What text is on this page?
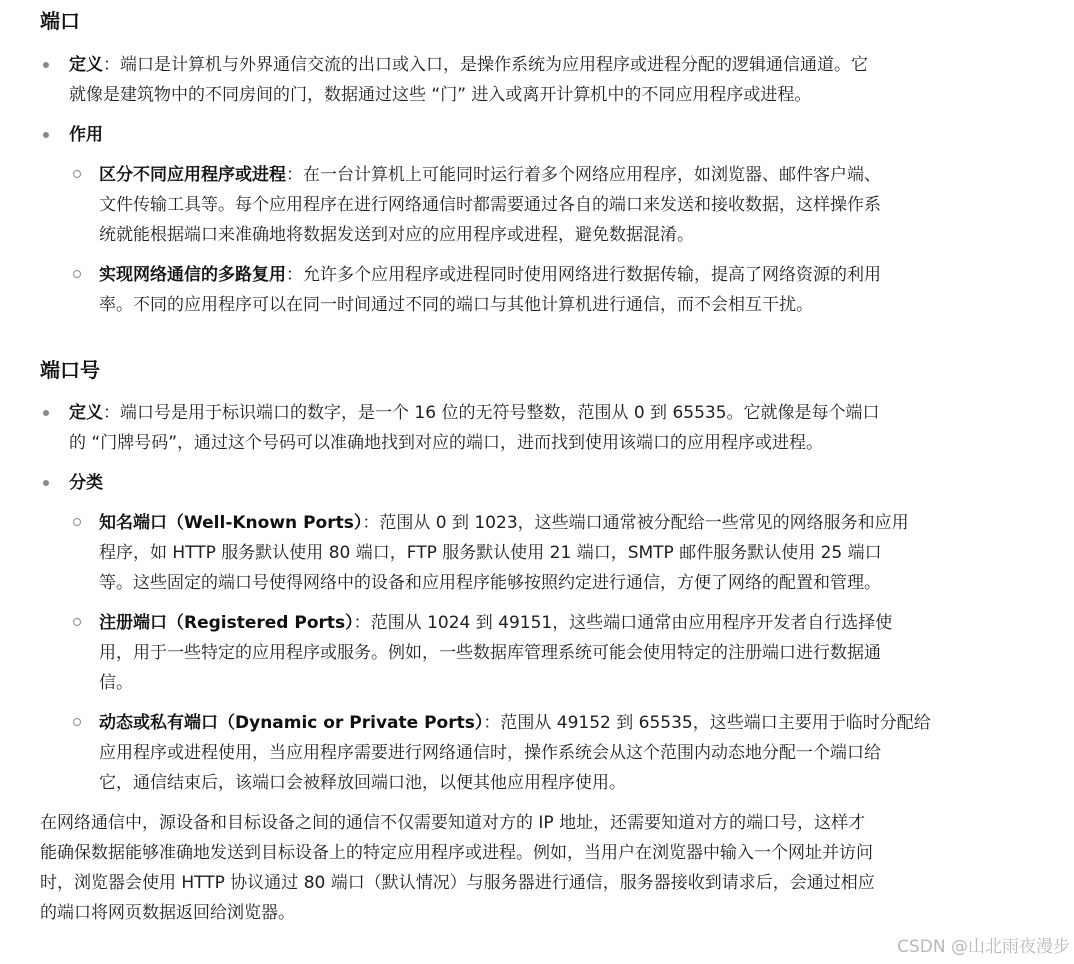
端口
定义：端口是计算机与外界通信交流的出口或入口，是操作系统为应用程序或进程分配的逻辑通信通道。它
就像是建筑物中的不同房间的门，数据通过这些 “门” 进入或离开计算机中的不同应用程序或进程。
作用
区分不同应用程序或进程：在一台计算机上可能同时运行着多个网络应用程序，如浏览器、邮件客户端、
文件传输工具等。每个应用程序在进行网络通信时都需要通过各自的端口来发送和接收数据，这样操作系
统就能根据端口来准确地将数据发送到对应的应用程序或进程，避免数据混淆。
实现网络通信的多路复用：允许多个应用程序或进程同时使用网络进行数据传输，提高了网络资源的利用
率。不同的应用程序可以在同一时间通过不同的端口与其他计算机进行通信，而不会相互干扰。
端口号
定义：端口号是用于标识端口的数字，是一个 16 位的无符号整数，范围从 0 到 65535。它就像是每个端口
的 “门牌号码”，通过这个号码可以准确地找到对应的端口，进而找到使用该端口的应用程序或进程。
分类
知名端口（Well-Known Ports）：范围从 0 到 1023，这些端口通常被分配给一些常见的网络服务和应用
程序，如 HTTP 服务默认使用 80 端口，FTP 服务默认使用 21 端口，SMTP 邮件服务默认使用 25 端口
等。这些固定的端口号使得网络中的设备和应用程序能够按照约定进行通信，方便了网络的配置和管理。
注册端口（Registered Ports）：范围从 1024 到 49151，这些端口通常由应用程序开发者自行选择使
用，用于一些特定的应用程序或服务。例如，一些数据库管理系统可能会使用特定的注册端口进行数据通
信。
动态或私有端口（Dynamic or Private Ports）：范围从 49152 到 65535，这些端口主要用于临时分配给
应用程序或进程使用，当应用程序需要进行网络通信时，操作系统会从这个范围内动态地分配一个端口给
它，通信结束后，该端口会被释放回端口池，以便其他应用程序使用。
在网络通信中，源设备和目标设备之间的通信不仅需要知道对方的 IP 地址，还需要知道对方的端口号，这样才
能确保数据能够准确地发送到目标设备上的特定应用程序或进程。例如，当用户在浏览器中输入一个网址并访问
时，浏览器会使用 HTTP 协议通过 80 端口（默认情况）与服务器进行通信，服务器接收到请求后，会通过相应
的端口将网页数据返回给浏览器。
CSDN @山北雨夜漫步
